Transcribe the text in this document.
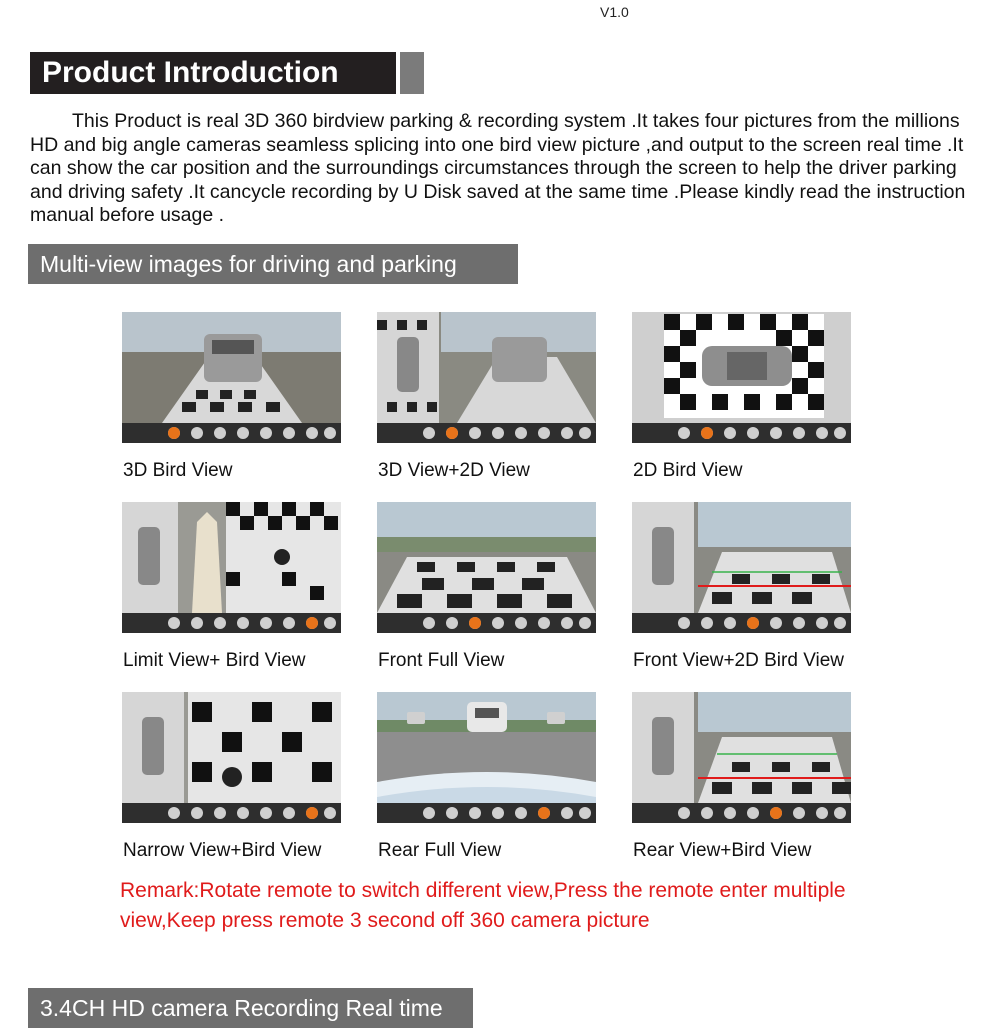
V1.0
Product Introduction

This Product is real 3D 360 birdview parking & recording system .It takes four pictures from the millions HD and big angle cameras seamless splicing into one bird view picture ,and output to the screen real time .It can show the car position and the surroundings circumstances through the screen to help the driver parking and driving safety .It cancycle recording by U Disk saved at the same time .Please kindly read the instruction manual before usage .

Multi-view images for driving and parking
3D Bird View	3D View+2D View	2D Bird View
Limit View+ Bird View	Front Full View	Front View+2D Bird View
Narrow View+Bird View	Rear Full View	Rear View+Bird View

Remark:Rotate remote to switch different view,Press the remote enter multiple view,Keep press remote 3 second off 360 camera picture

3.4CH HD camera Recording Real time
